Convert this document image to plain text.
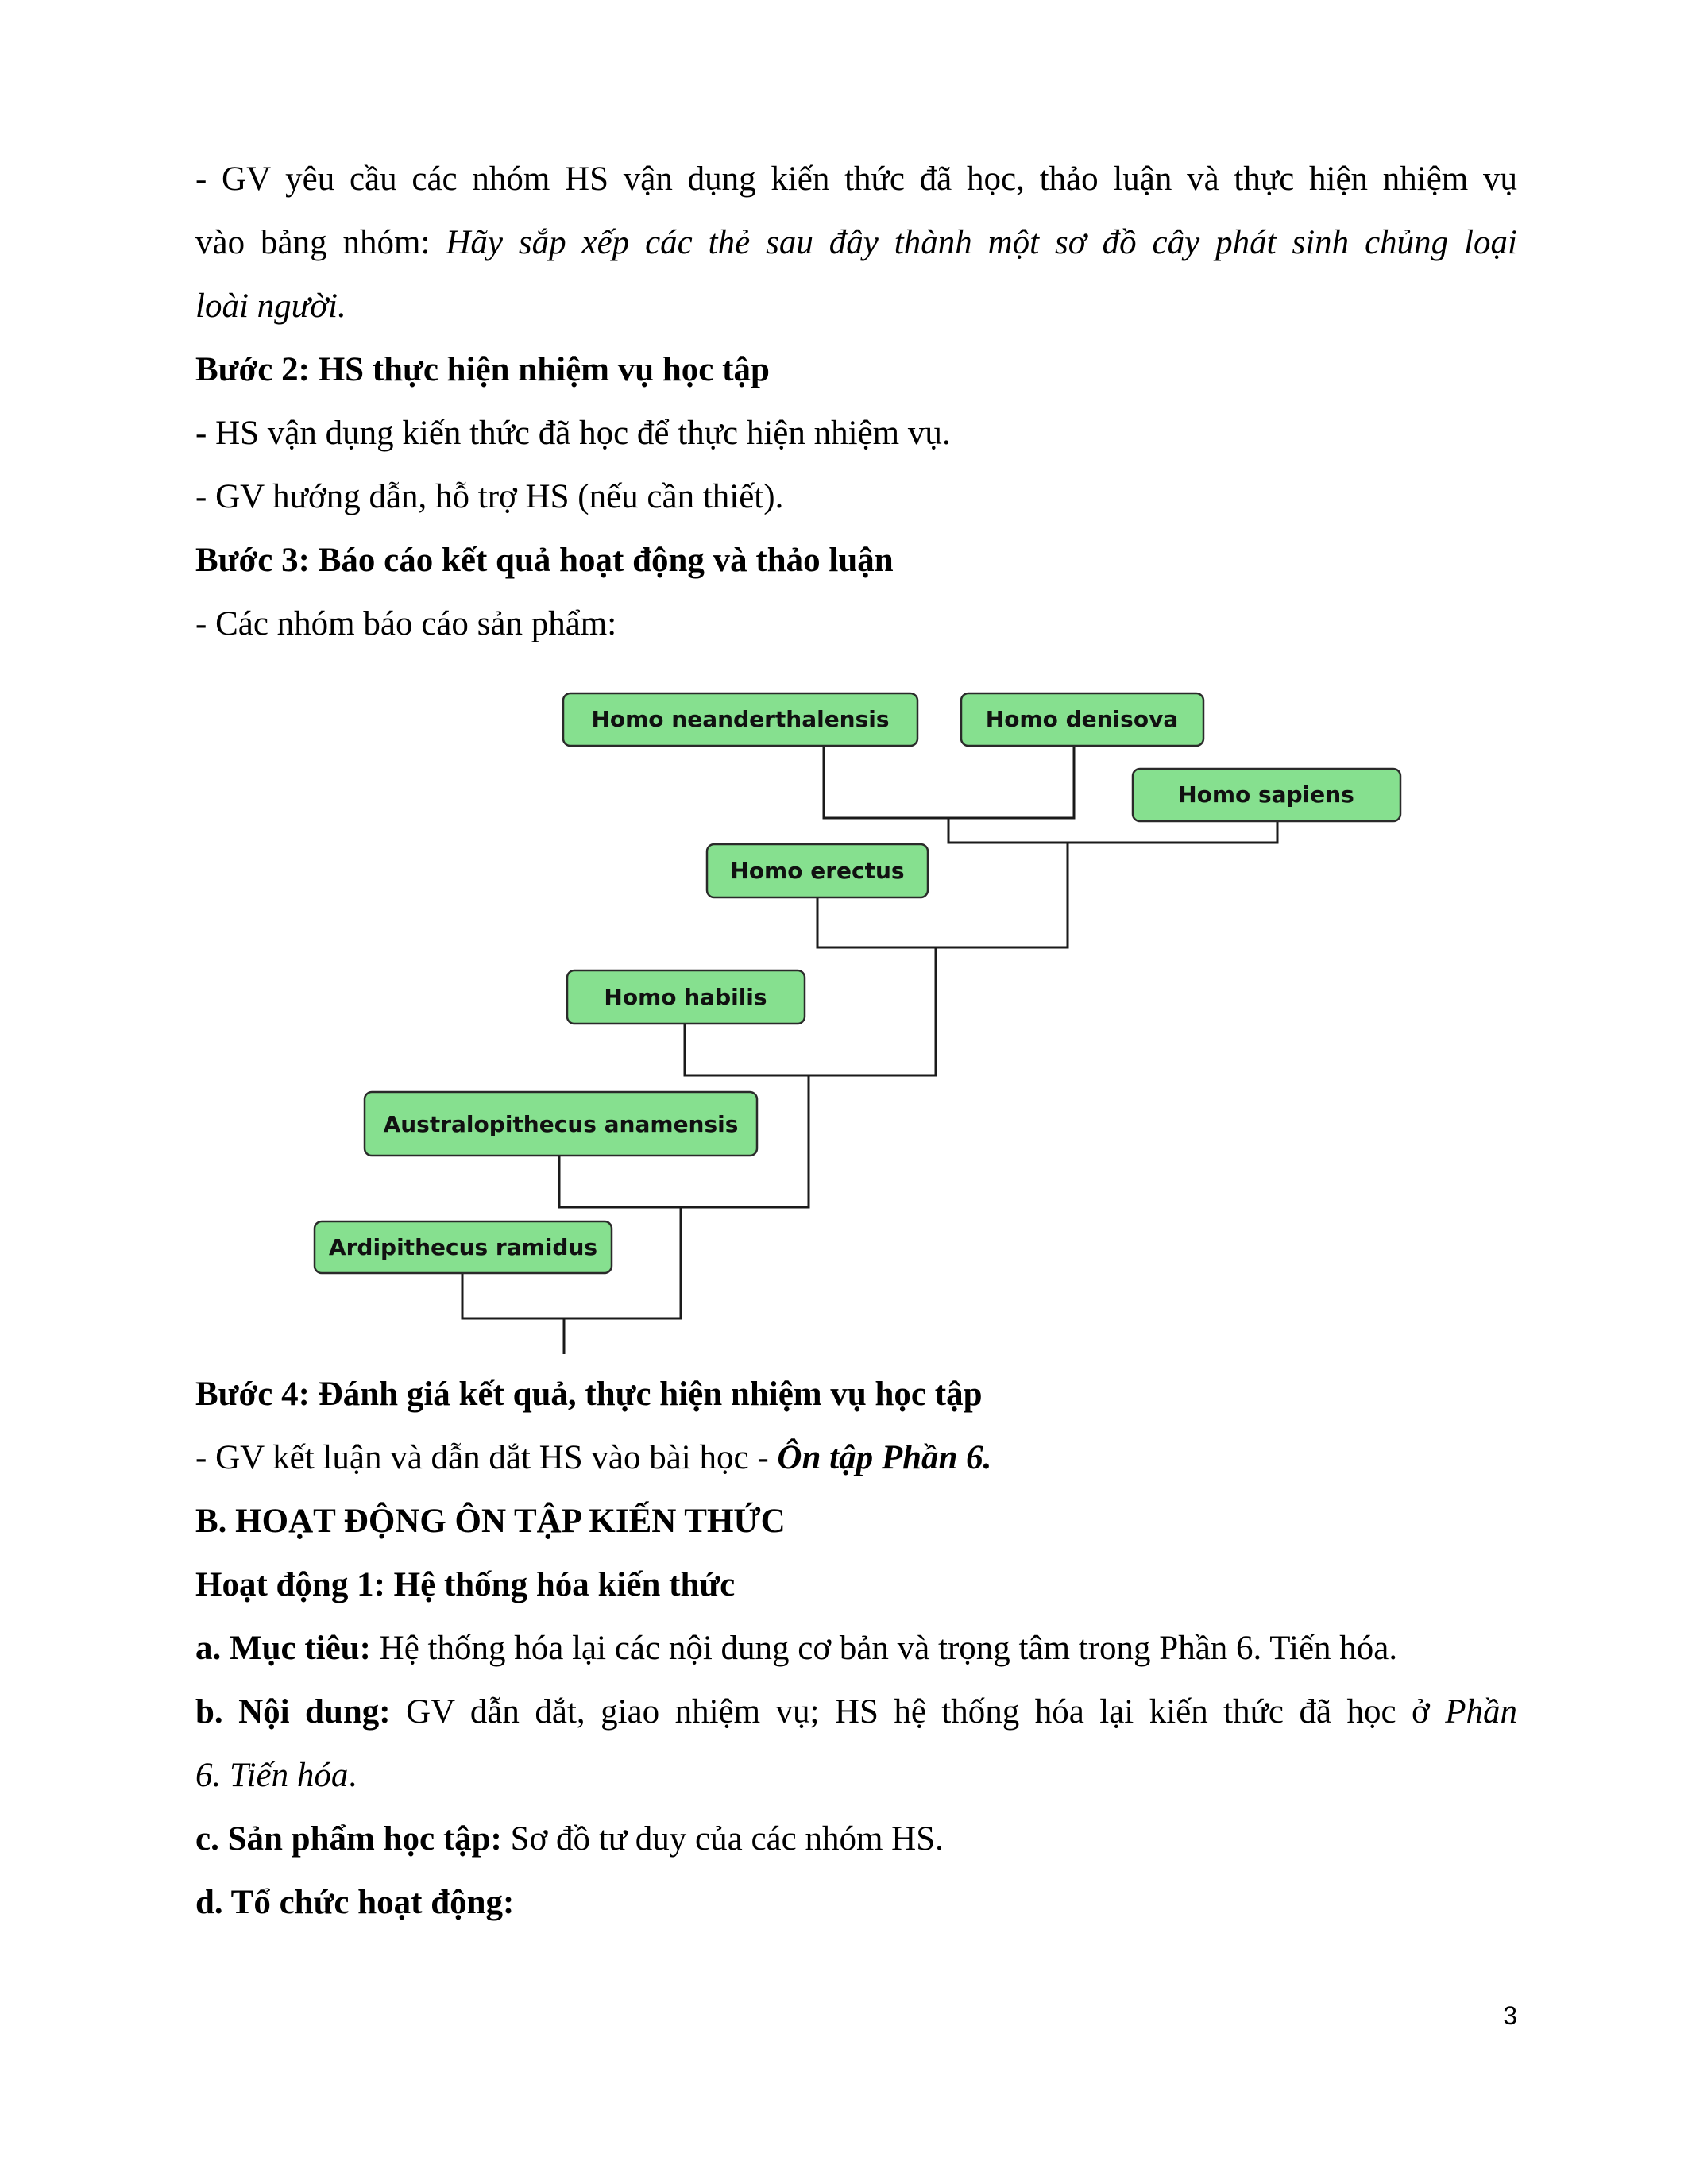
- GV yêu cầu các nhóm HS vận dụng kiến thức đã học, thảo luận và thực hiện nhiệm vụ
vào bảng nhóm: Hãy sắp xếp các thẻ sau đây thành một sơ đồ cây phát sinh chủng loại
loài người.
Bước 2: HS thực hiện nhiệm vụ học tập
- HS vận dụng kiến thức đã học để thực hiện nhiệm vụ.
- GV hướng dẫn, hỗ trợ HS (nếu cần thiết).
Bước 3: Báo cáo kết quả hoạt động và thảo luận
- Các nhóm báo cáo sản phẩm:
Homo neanderthalensis	Homo denisova
Homo sapiens
Homo erectus
Homo habilis
Australopithecus anamensis
Ardipithecus ramidus
Bước 4: Đánh giá kết quả, thực hiện nhiệm vụ học tập
- GV kết luận và dẫn dắt HS vào bài học - Ôn tập Phần 6.
B. HOẠT ĐỘNG ÔN TẬP KIẾN THỨC
Hoạt động 1: Hệ thống hóa kiến thức
a. Mục tiêu: Hệ thống hóa lại các nội dung cơ bản và trọng tâm trong Phần 6. Tiến hóa.
b. Nội dung: GV dẫn dắt, giao nhiệm vụ; HS hệ thống hóa lại kiến thức đã học ở Phần
6. Tiến hóa.
c. Sản phẩm học tập: Sơ đồ tư duy của các nhóm HS.
d. Tổ chức hoạt động:
3
